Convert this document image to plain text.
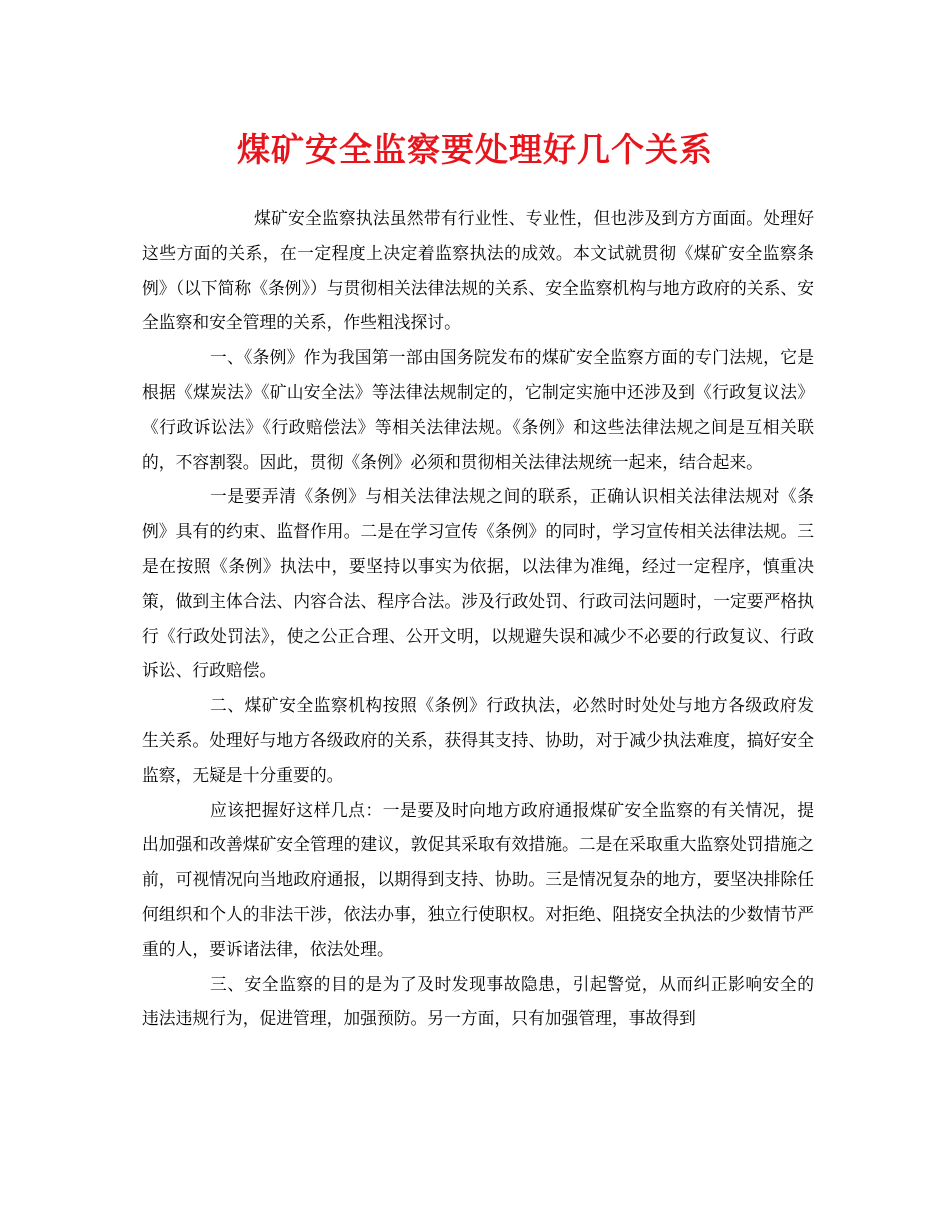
煤矿安全监察要处理好几个关系

煤矿安全监察执法虽然带有行业性、专业性，但也涉及到方方面面。处理好这些方面的关系，在一定程度上决定着监察执法的成效。本文试就贯彻《煤矿安全监察条例》（以下简称《条例》）与贯彻相关法律法规的关系、安全监察机构与地方政府的关系、安全监察和安全管理的关系，作些粗浅探讨。

一、《条例》作为我国第一部由国务院发布的煤矿安全监察方面的专门法规，它是根据《煤炭法》《矿山安全法》等法律法规制定的，它制定实施中还涉及到《行政复议法》《行政诉讼法》《行政赔偿法》等相关法律法规。《条例》和这些法律法规之间是互相关联的，不容割裂。因此，贯彻《条例》必须和贯彻相关法律法规统一起来，结合起来。

一是要弄清《条例》与相关法律法规之间的联系，正确认识相关法律法规对《条例》具有的约束、监督作用。二是在学习宣传《条例》的同时，学习宣传相关法律法规。三是在按照《条例》执法中，要坚持以事实为依据，以法律为准绳，经过一定程序，慎重决策，做到主体合法、内容合法、程序合法。涉及行政处罚、行政司法问题时，一定要严格执行《行政处罚法》，使之公正合理、公开文明，以规避失误和减少不必要的行政复议、行政诉讼、行政赔偿。

二、煤矿安全监察机构按照《条例》行政执法，必然时时处处与地方各级政府发生关系。处理好与地方各级政府的关系，获得其支持、协助，对于减少执法难度，搞好安全监察，无疑是十分重要的。

应该把握好这样几点：一是要及时向地方政府通报煤矿安全监察的有关情况，提出加强和改善煤矿安全管理的建议，敦促其采取有效措施。二是在采取重大监察处罚措施之前，可视情况向当地政府通报，以期得到支持、协助。三是情况复杂的地方，要坚决排除任何组织和个人的非法干涉，依法办事，独立行使职权。对拒绝、阻挠安全执法的少数情节严重的人，要诉诸法律，依法处理。

三、安全监察的目的是为了及时发现事故隐患，引起警觉，从而纠正影响安全的违法违规行为，促进管理，加强预防。另一方面，只有加强管理，事故得到
